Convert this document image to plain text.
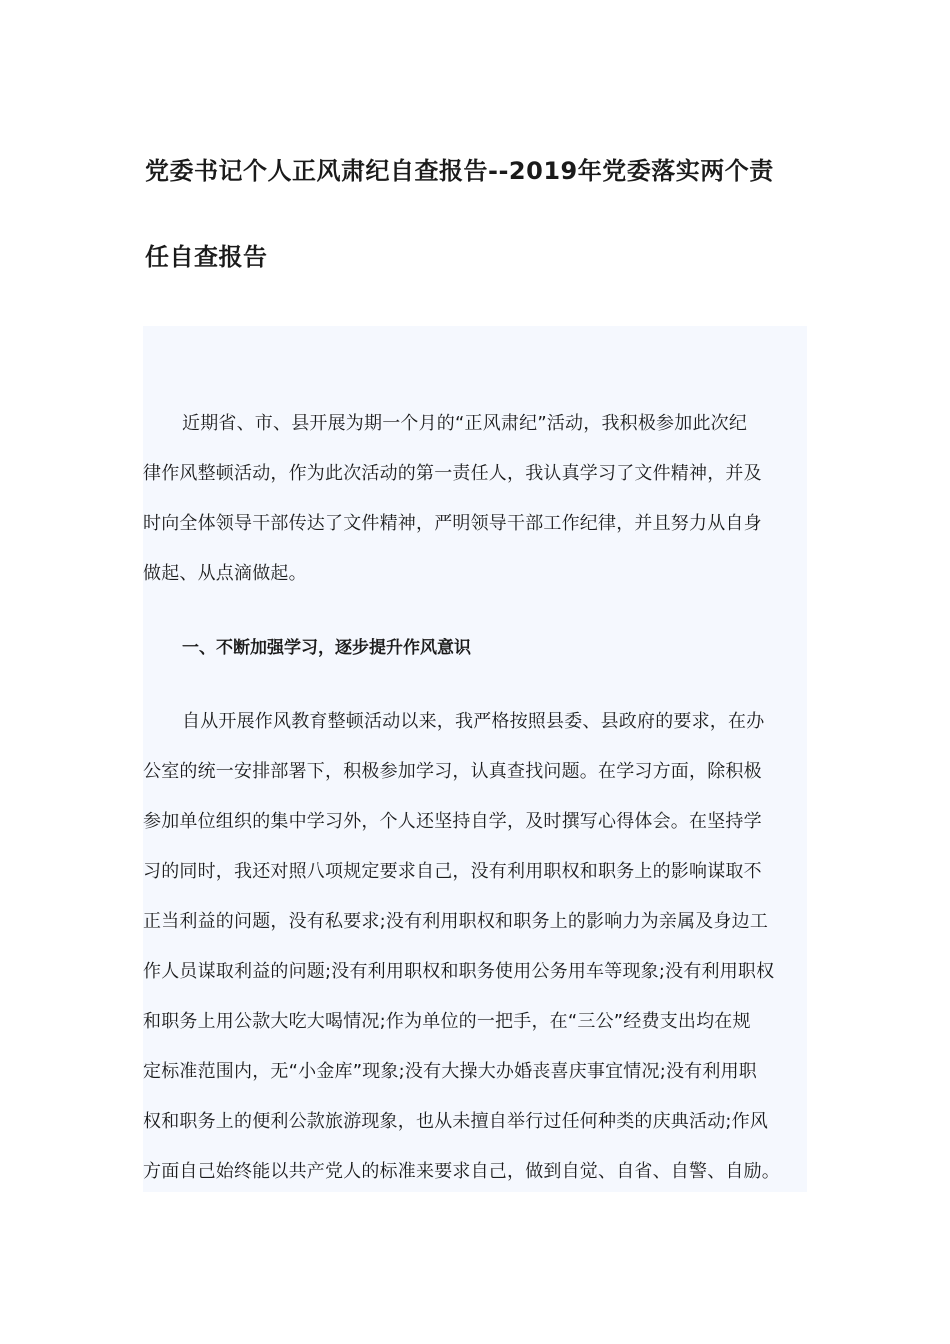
党委书记个人正风肃纪自查报告--2019年党委落实两个责
任自查报告

近期省、市、县开展为期一个月的“正风肃纪”活动，我积极参加此次纪
律作风整顿活动，作为此次活动的第一责任人，我认真学习了文件精神，并及
时向全体领导干部传达了文件精神，严明领导干部工作纪律，并且努力从自身
做起、从点滴做起。

一、不断加强学习，逐步提升作风意识

自从开展作风教育整顿活动以来，我严格按照县委、县政府的要求，在办
公室的统一安排部署下，积极参加学习，认真查找问题。在学习方面，除积极
参加单位组织的集中学习外，个人还坚持自学，及时撰写心得体会。在坚持学
习的同时，我还对照八项规定要求自己，没有利用职权和职务上的影响谋取不
正当利益的问题，没有私要求;没有利用职权和职务上的影响力为亲属及身边工
作人员谋取利益的问题;没有利用职权和职务使用公务用车等现象;没有利用职权
和职务上用公款大吃大喝情况;作为单位的一把手，在“三公”经费支出均在规
定标准范围内，无“小金库”现象;没有大操大办婚丧喜庆事宜情况;没有利用职
权和职务上的便利公款旅游现象，也从未擅自举行过任何种类的庆典活动;作风
方面自己始终能以共产党人的标准来要求自己，做到自觉、自省、自警、自励。
